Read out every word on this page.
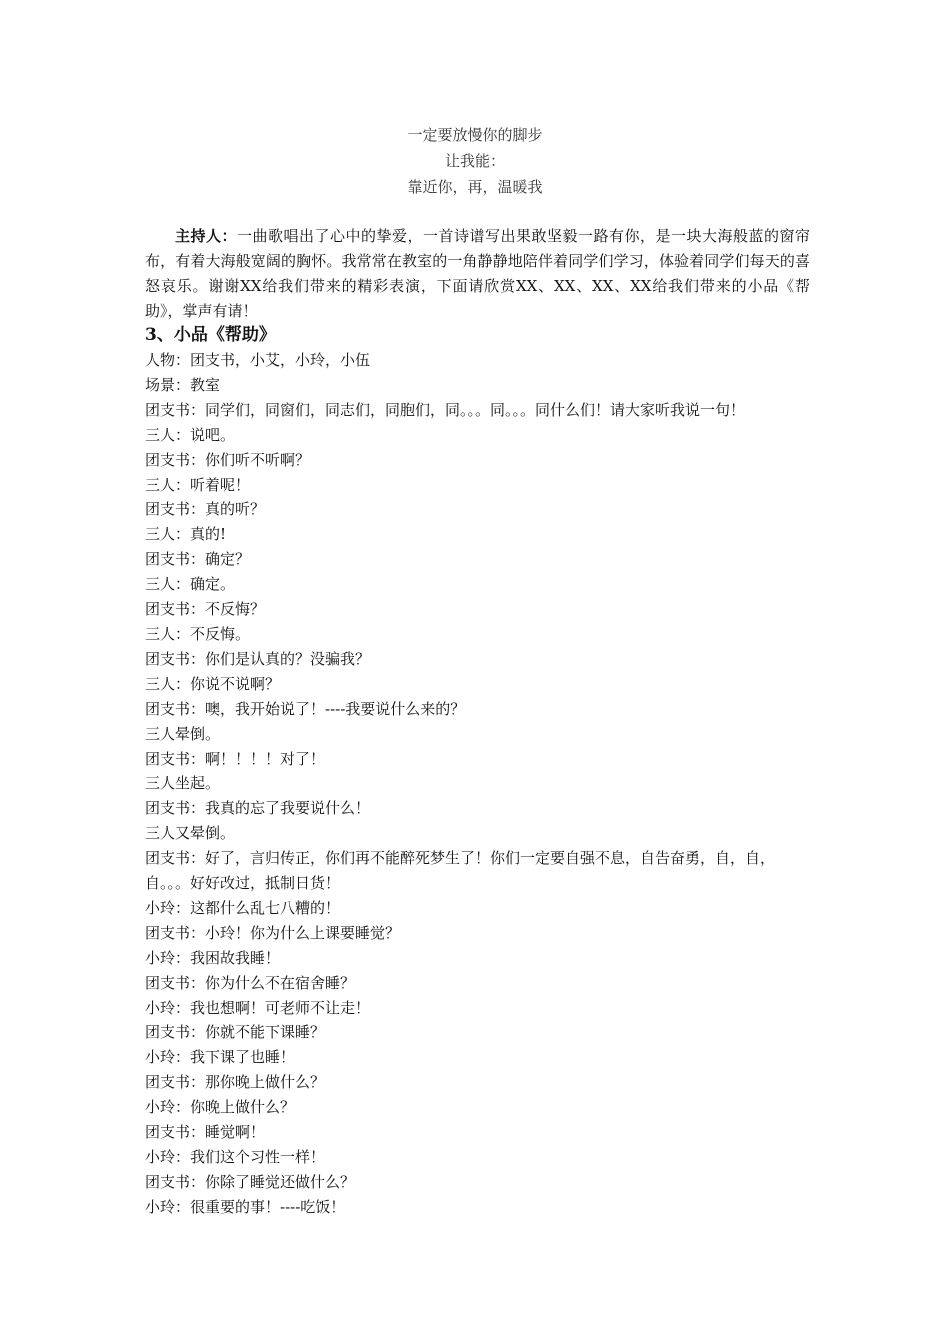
一定要放慢你的脚步
让我能：
靠近你，再，温暖我

主持人：一曲歌唱出了心中的挚爱，一首诗谱写出果敢坚毅一路有你，是一块大海般蓝的窗帘布，有着大海般宽阔的胸怀。我常常在教室的一角静静地陪伴着同学们学习，体验着同学们每天的喜怒哀乐。谢谢XX给我们带来的精彩表演，下面请欣赏XX、XX、XX、XX给我们带来的小品《帮助》，掌声有请！

3、小品《帮助》
人物：团支书，小艾，小玲，小伍
场景：教室
团支书：同学们，同窗们，同志们，同胞们，同。。。同。。。同什么们！请大家听我说一句！
三人：说吧。
团支书：你们听不听啊？
三人：听着呢！
团支书：真的听？
三人：真的!
团支书：确定？
三人：确定。
团支书：不反悔？
三人：不反悔。
团支书：你们是认真的？没骗我？
三人：你说不说啊？
团支书：噢，我开始说了！----我要说什么来的？
三人晕倒。
团支书：啊！！！！对了！
三人坐起。
团支书：我真的忘了我要说什么！
三人又晕倒。
团支书：好了，言归传正，你们再不能醉死梦生了！你们一定要自强不息，自告奋勇，自，自，自。。。好好改过，抵制日货！
小玲：这都什么乱七八糟的！
团支书：小玲！你为什么上课要睡觉？
小玲：我困故我睡！
团支书：你为什么不在宿舍睡？
小玲：我也想啊！可老师不让走！
团支书：你就不能下课睡？
小玲：我下课了也睡！
团支书：那你晚上做什么？
小玲：你晚上做什么？
团支书：睡觉啊！
小玲：我们这个习性一样！
团支书：你除了睡觉还做什么？
小玲：很重要的事！----吃饭！
